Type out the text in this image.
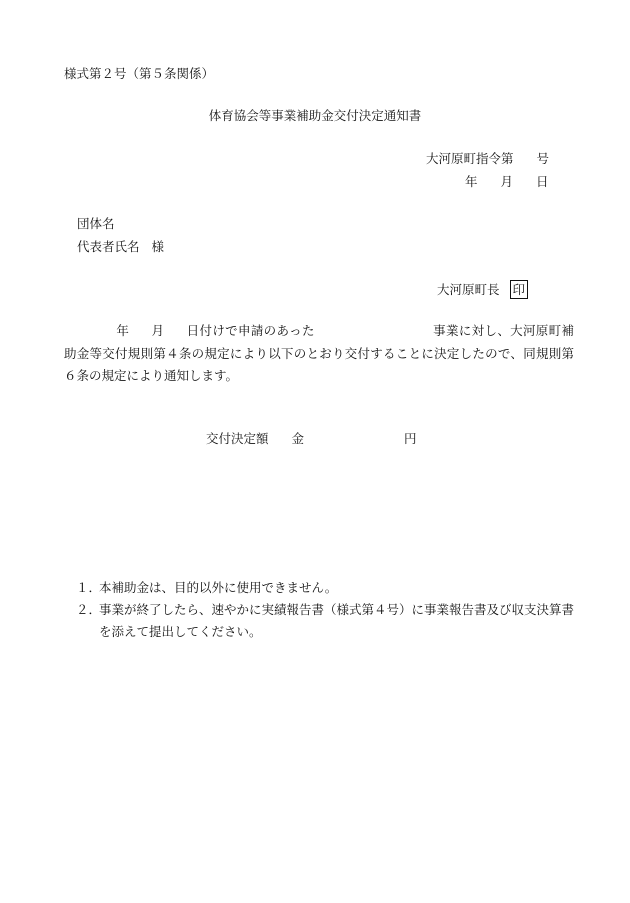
様式第２号（第５条関係）
体育協会等事業補助金交付決定通知書
大河原町指令第 号
年 月 日
団体名
代表者氏名 様
大河原町長 印
年 月 日付けで申請のあった	事業に対し、大河原町補助金等交付規則第４条の規定により以下のとおり交付することに決定したので、同規則第６条の規定により通知します。
交付決定額 金	円
１．
本補助金は、目的以外に使用できません。
２．
事業が終了したら、速やかに実績報告書（様式第４号）に事業報告書及び収支決算書を添えて提出してください。
